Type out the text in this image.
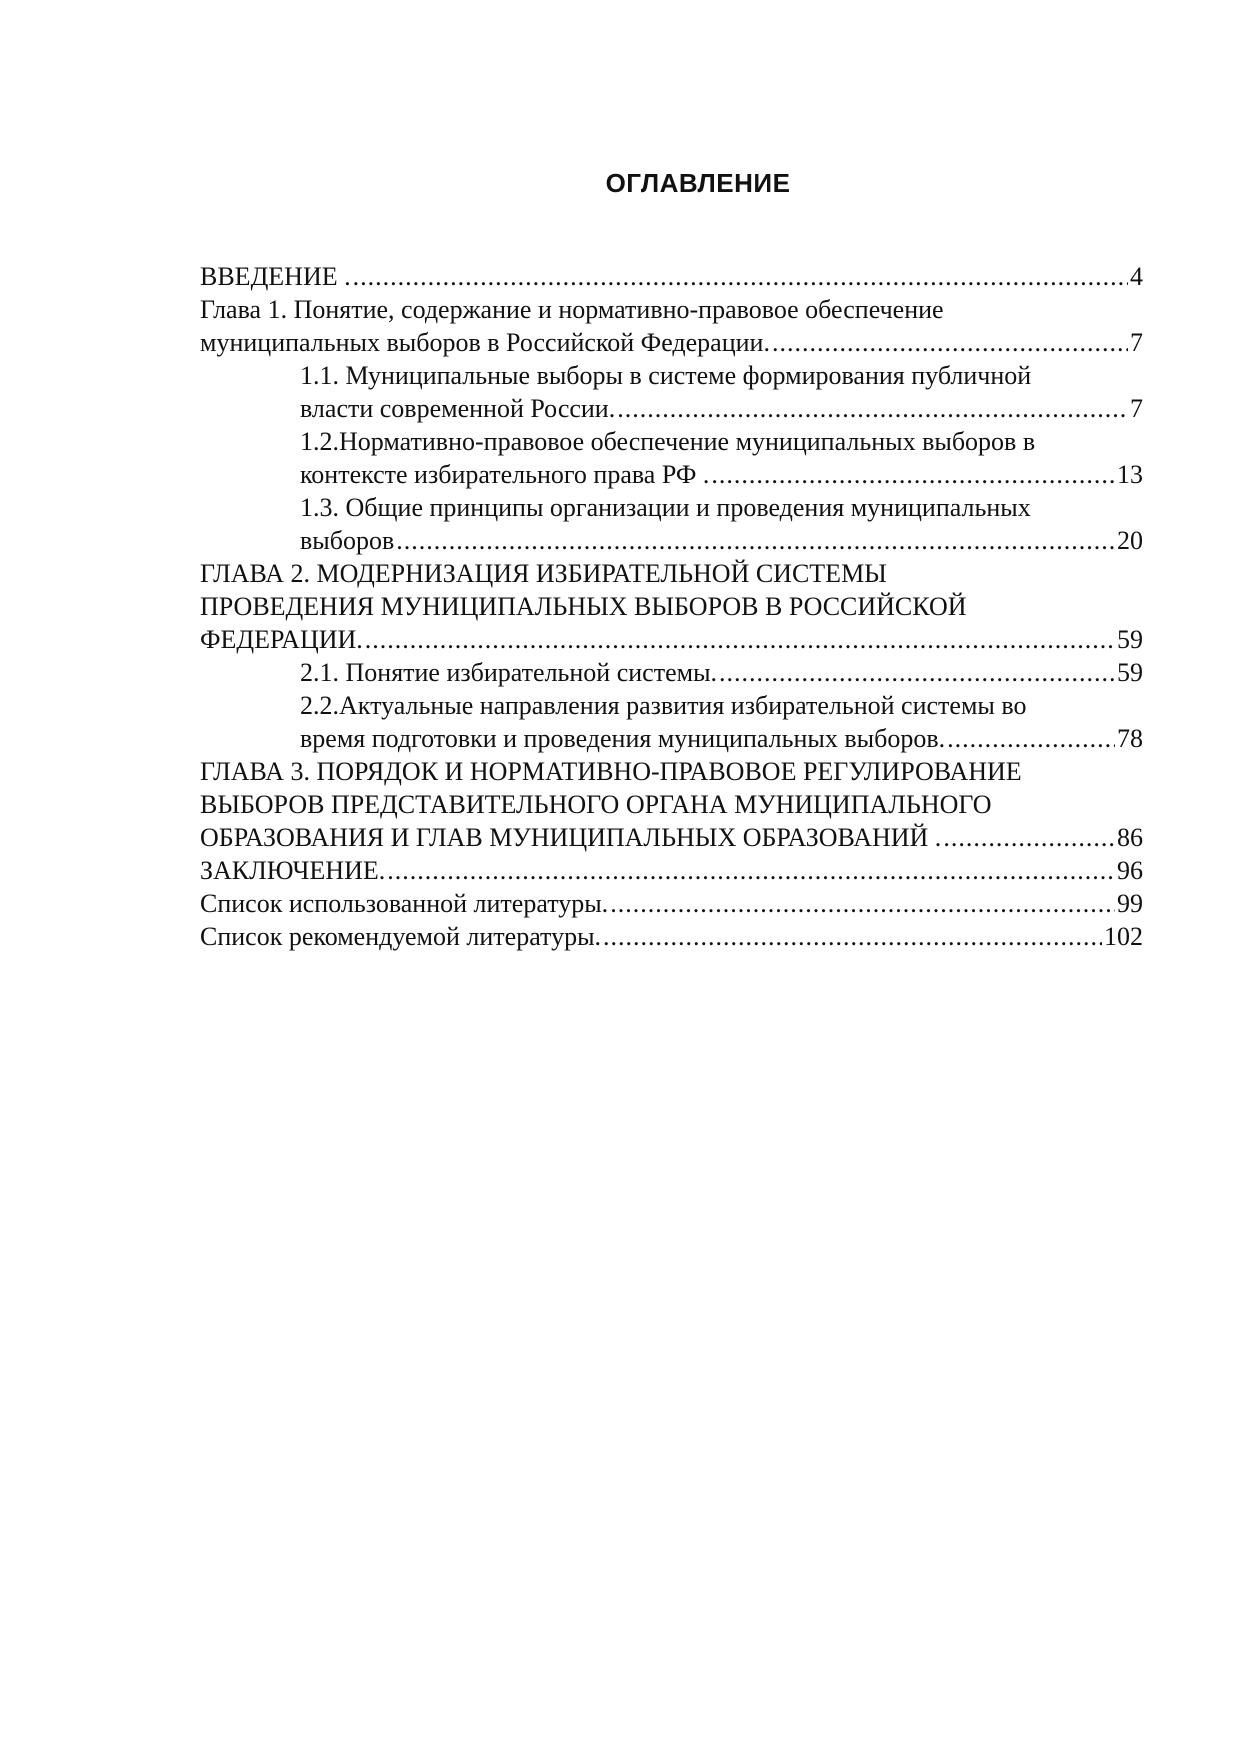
ОГЛАВЛЕНИЕ
ВВЕДЕНИЕ . .....	4
Глава 1. Понятие, содержание и нормативно-правовое обеспечение
муниципальных выборов в Российской Федерации. .....	7
1.1. Муниципальные выборы в системе формирования публичной
власти современной России. .....	7
1.2.Нормативно-правовое обеспечение муниципальных выборов в
контексте избирательного права РФ . .....	13
1.3. Общие принципы организации и проведения муниципальных
выборов .....	20
ГЛАВА 2. МОДЕРНИЗАЦИЯ ИЗБИРАТЕЛЬНОЙ СИСТЕМЫ
ПРОВЕДЕНИЯ МУНИЦИПАЛЬНЫХ ВЫБОРОВ В РОССИЙСКОЙ
ФЕДЕРАЦИИ. .....	59
2.1. Понятие избирательной системы. .....	59
2.2.Актуальные направления развития избирательной системы во
время подготовки и проведения муниципальных выборов. .....	78
ГЛАВА 3. ПОРЯДОК И НОРМАТИВНО-ПРАВОВОЕ РЕГУЛИРОВАНИЕ
ВЫБОРОВ ПРЕДСТАВИТЕЛЬНОГО ОРГАНА МУНИЦИПАЛЬНОГО
ОБРАЗОВАНИЯ И ГЛАВ МУНИЦИПАЛЬНЫХ ОБРАЗОВАНИЙ . .....	86
ЗАКЛЮЧЕНИЕ. .....	96
Список использованной литературы. .....	99
Список рекомендуемой литературы. .....	102
